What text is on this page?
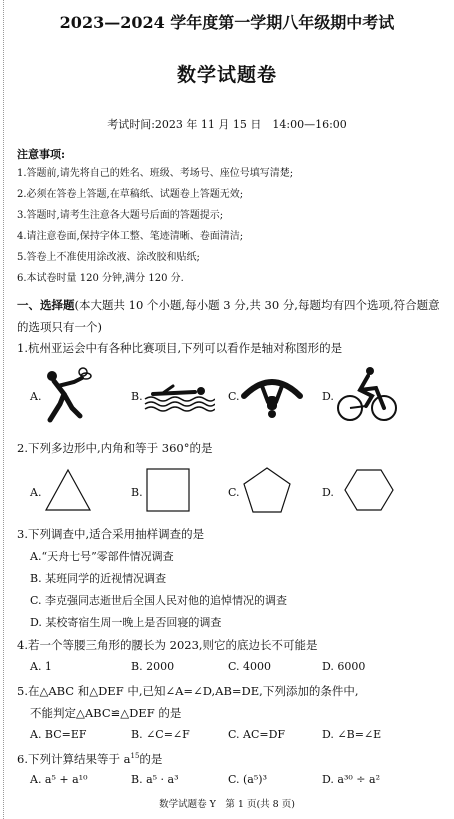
2023—2024 学年度第一学期八年级期中考试
数学试题卷
考试时间:2023 年 11 月 15 日　14:00—16:00
注意事项:
1.答题前,请先将自己的姓名、班级、考场号、座位号填写清楚;
2.必须在答卷上答题,在草稿纸、试题卷上答题无效;
3.答题时,请考生注意各大题号后面的答题提示;
4.请注意卷面,保持字体工整、笔迹清晰、卷面清洁;
5.答卷上不准使用涂改液、涂改胶和贴纸;
6.本试卷时量 120 分钟,满分 120 分.
一、选择题(本大题共 10 个小题,每小题 3 分,共 30 分,每题均有四个选项,符合题意的选项只有一个)
1.杭州亚运会中有各种比赛项目,下列可以看作是轴对称图形的是
A.	B.	C.	D.
2.下列多边形中,内角和等于 360°的是
A.	B.	C.	D.
3.下列调查中,适合采用抽样调查的是
A.“天舟七号”零部件情况调查
B. 某班同学的近视情况调查
C. 李克强同志逝世后全国人民对他的追悼情况的调查
D. 某校寄宿生周一晚上是否回寝的调查
4.若一个等腰三角形的腰长为 2023,则它的底边长不可能是
A. 1	B. 2000	C. 4000	D. 6000
5.在△ABC 和△DEF 中,已知∠A=∠D,AB=DE,下列添加的条件中,
不能判定△ABC≌△DEF 的是
A. BC=EF	B. ∠C=∠F	C. AC=DF	D. ∠B=∠E
6.下列计算结果等于 $a^{15}$的是
A. a⁵ + a¹⁰	B. a⁵ · a³	C. (a⁵)³	D. a³⁰ ÷ a²
数学试题卷 Y　第 1 页(共 8 页)
